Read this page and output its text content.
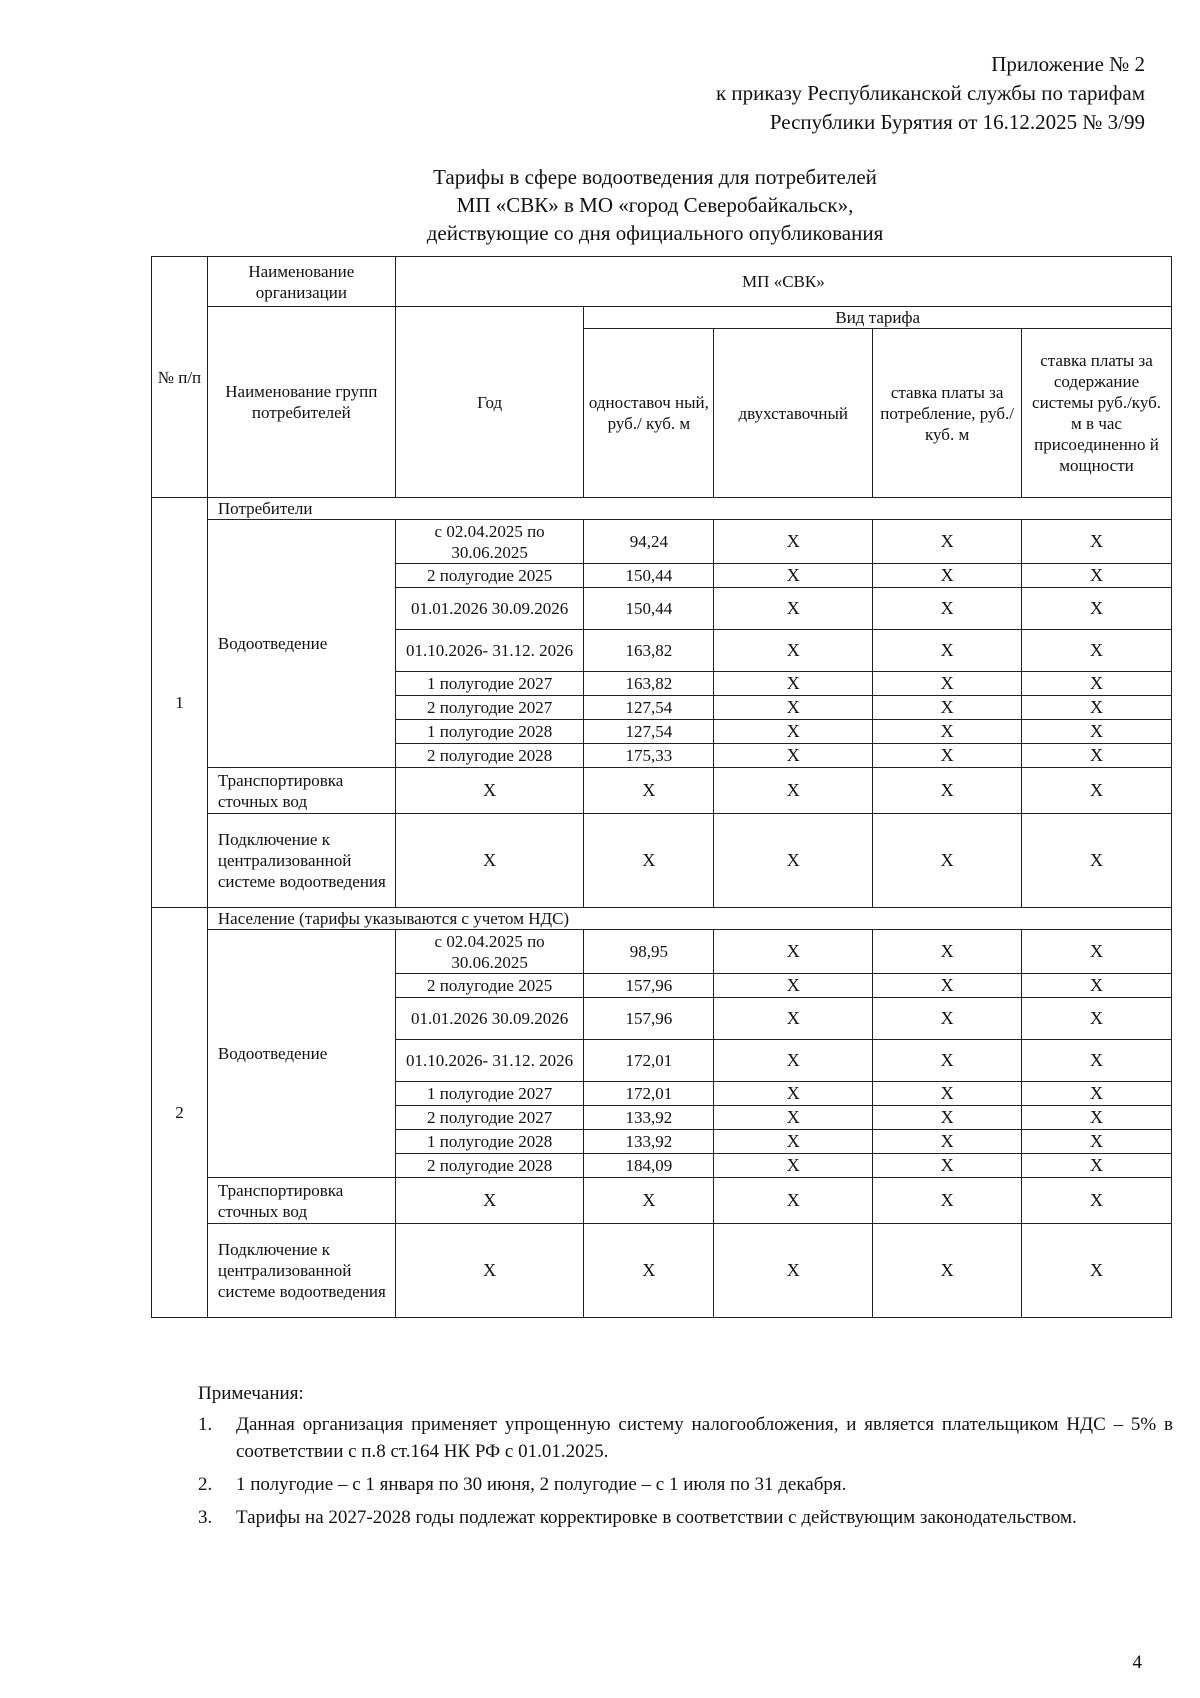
Приложение № 2
к приказу Республиканской службы по тарифам
Республики Бурятия от 16.12.2025 № 3/99
Тарифы в сфере водоотведения для потребителей
МП «СВК» в МО «город Северобайкальск»,
действующие со дня официального опубликования
№ п/п	Наименование организации	МП «СВК»				
	Наименование групп потребителей	Год	Вид тарифа			
			одноставоч ный, руб./ куб. м	двухставочный	ставка платы за потребление, руб./ куб. м	ставка платы за содержание системы руб./куб. м в час присоединенно й мощности
1	Потребители					
	Водоотведение	с 02.04.2025 по 30.06.2025	94,24	X	X	X
		2 полугодие 2025	150,44	X	X	X
		01.01.2026 30.09.2026	150,44	X	X	X
		01.10.2026- 31.12. 2026	163,82	X	X	X
		1 полугодие 2027	163,82	X	X	X
		2 полугодие 2027	127,54	X	X	X
		1 полугодие 2028	127,54	X	X	X
		2 полугодие 2028	175,33	X	X	X
	Транспортировка сточных вод	X	X	X	X	X
	Подключение к централизованной системе водоотведения	X	X	X	X	X
2	Население (тарифы указываются с учетом НДС)					
	Водоотведение	с 02.04.2025 по 30.06.2025	98,95	X	X	X
		2 полугодие 2025	157,96	X	X	X
		01.01.2026 30.09.2026	157,96	X	X	X
		01.10.2026- 31.12. 2026	172,01	X	X	X
		1 полугодие 2027	172,01	X	X	X
		2 полугодие 2027	133,92	X	X	X
		1 полугодие 2028	133,92	X	X	X
		2 полугодие 2028	184,09	X	X	X
	Транспортировка сточных вод	X	X	X	X	X
	Подключение к централизованной системе водоотведения	X	X	X	X	X
Примечания:
1. Данная организация применяет упрощенную систему налогообложения, и является плательщиком НДС – 5% в соответствии с п.8 ст.164 НК РФ с 01.01.2025.
2. 1 полугодие – с 1 января по 30 июня, 2 полугодие – с 1 июля по 31 декабря.
3. Тарифы на 2027-2028 годы подлежат корректировке в соответствии с действующим законодательством.
4
